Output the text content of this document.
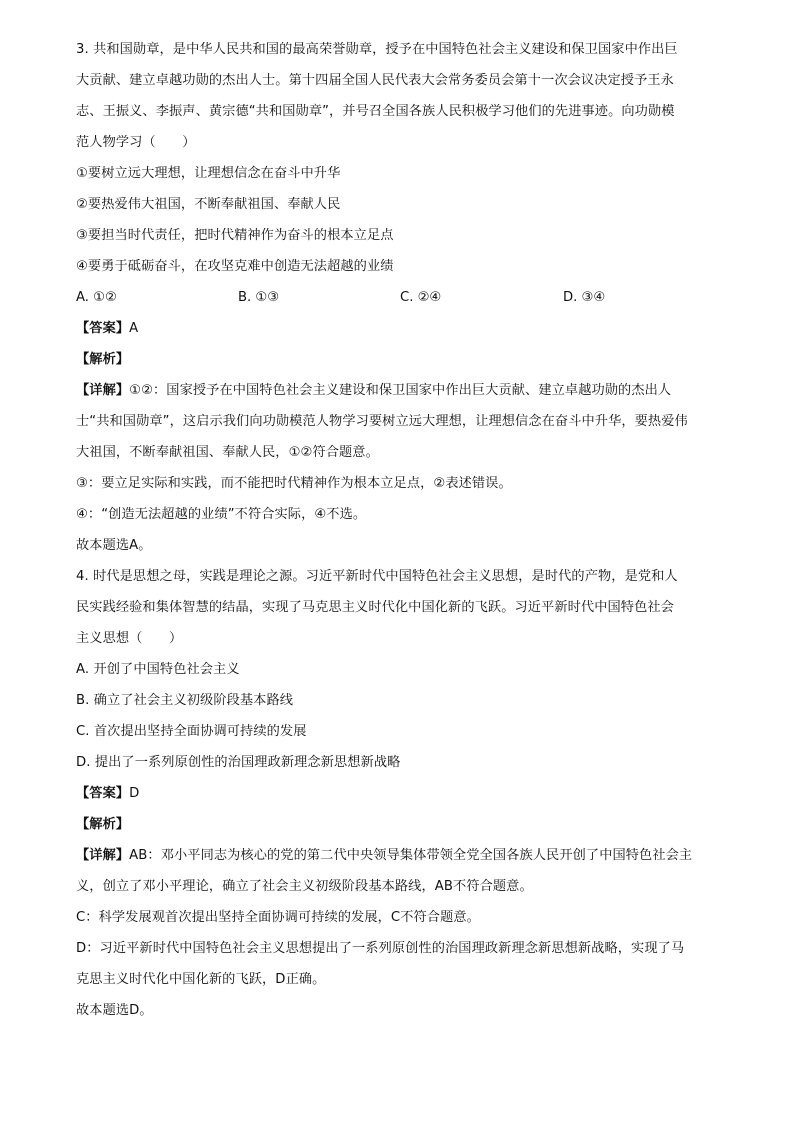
3. 共和国勋章，是中华人民共和国的最高荣誉勋章，授予在中国特色社会主义建设和保卫国家中作出巨
大贡献、建立卓越功勋的杰出人士。第十四届全国人民代表大会常务委员会第十一次会议决定授予王永
志、王振义、李振声、黄宗德“共和国勋章”，并号召全国各族人民积极学习他们的先进事迹。向功勋模
范人物学习（　　）
①要树立远大理想，让理想信念在奋斗中升华
②要热爱伟大祖国，不断奉献祖国、奉献人民
③要担当时代责任，把时代精神作为奋斗的根本立足点
④要勇于砥砺奋斗，在攻坚克难中创造无法超越的业绩
A. ①②	B. ①③	C. ②④	D. ③④
【答案】A
【解析】
【详解】①②：国家授予在中国特色社会主义建设和保卫国家中作出巨大贡献、建立卓越功勋的杰出人
士“共和国勋章”，这启示我们向功勋模范人物学习要树立远大理想，让理想信念在奋斗中升华，要热爱伟
大祖国，不断奉献祖国、奉献人民，①②符合题意。
③：要立足实际和实践，而不能把时代精神作为根本立足点，②表述错误。
④：“创造无法超越的业绩”不符合实际，④不选。
故本题选A。
4. 时代是思想之母，实践是理论之源。习近平新时代中国特色社会主义思想，是时代的产物，是党和人
民实践经验和集体智慧的结晶，实现了马克思主义时代化中国化新的飞跃。习近平新时代中国特色社会
主义思想（　　）
A. 开创了中国特色社会主义
B. 确立了社会主义初级阶段基本路线
C. 首次提出坚持全面协调可持续的发展
D. 提出了一系列原创性的治国理政新理念新思想新战略
【答案】D
【解析】
【详解】AB：邓小平同志为核心的党的第二代中央领导集体带领全党全国各族人民开创了中国特色社会主
义，创立了邓小平理论，确立了社会主义初级阶段基本路线，AB不符合题意。
C：科学发展观首次提出坚持全面协调可持续的发展，C不符合题意。
D：习近平新时代中国特色社会主义思想提出了一系列原创性的治国理政新理念新思想新战略，实现了马
克思主义时代化中国化新的飞跃，D正确。
故本题选D。
